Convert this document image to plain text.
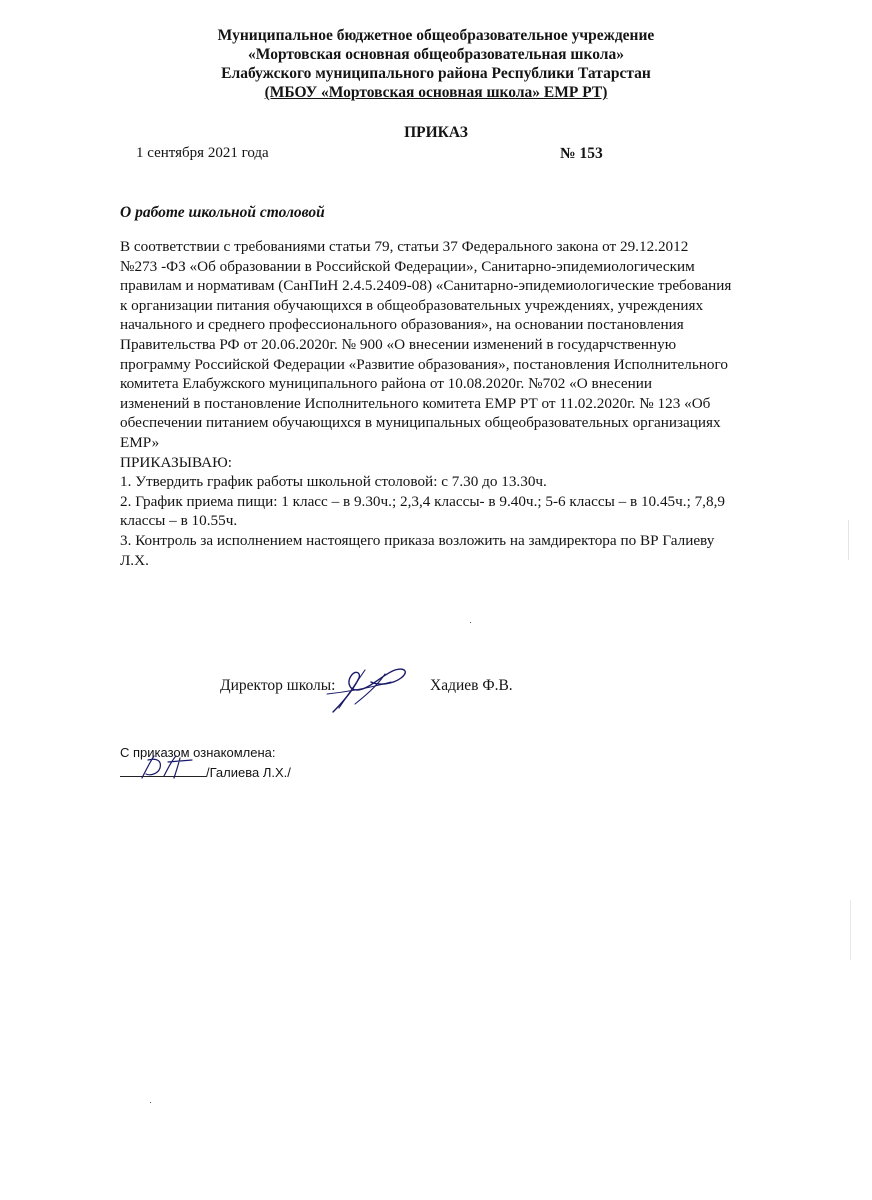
Муниципальное бюджетное общеобразовательное учреждение
«Мортовская основная общеобразовательная школа»
Елабужского муниципального района Республики Татарстан
(МБОУ «Мортовская основная школа» ЕМР РТ)
ПРИКАЗ
1 сентября 2021 года	№ 153
О работе школьной столовой
В соответствии с требованиями статьи 79, статьи 37 Федерального закона от 29.12.2012
№273 -ФЗ «Об образовании в Российской Федерации», Санитарно-эпидемиологическим
правилам и нормативам (СанПиН 2.4.5.2409-08) «Санитарно-эпидемиологические требования
к организации питания обучающихся в общеобразовательных учреждениях, учреждениях
начального и среднего профессионального образования», на основании постановления
Правительства РФ от 20.06.2020г. № 900 «О внесении изменений в государчственную
программу Российской Федерации «Развитие образования», постановления Исполнительного
комитета Елабужского муниципального района от 10.08.2020г. №702 «О внесении
изменений в постановление Исполнительного комитета ЕМР РТ от 11.02.2020г. № 123 «Об
обеспечении питанием обучающихся в муниципальных общеобразовательных организациях
ЕМР»
ПРИКАЗЫВАЮ:
1. Утвердить график работы школьной столовой: с 7.30 до 13.30ч.
2. График приема пищи: 1 класс – в 9.30ч.; 2,3,4 классы- в 9.40ч.; 5-6 классы – в 10.45ч.; 7,8,9
классы – в 10.55ч.
3. Контроль за исполнением настоящего приказа возложить на замдиректора по ВР Галиеву
Л.Х.
Директор школы:	Хадиев Ф.В.
С приказом ознакомлена:
/Галиева Л.Х./
